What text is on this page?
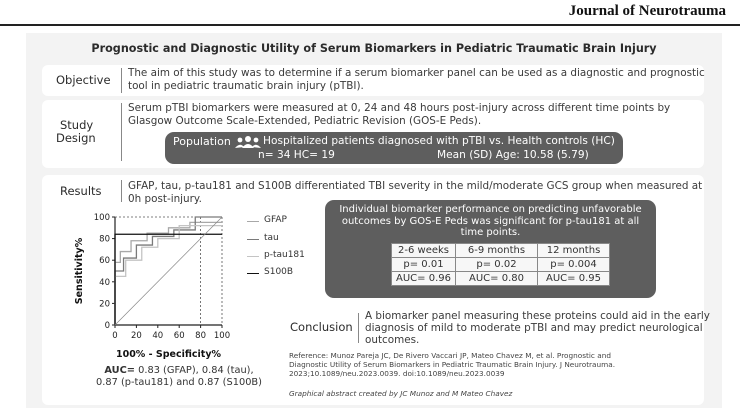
Journal of Neurotrauma
Prognostic and Diagnostic Utility of Serum Biomarkers in Pediatric Traumatic Brain Injury
Objective The aim of this study was to determine if a serum biomarker panel can be used as a diagnostic and prognostic
tool in pediatric traumatic brain injury (pTBI).
Study
Design
Serum pTBI biomarkers were measured at 0, 24 and 48 hours post-injury across different time points by
Glasgow Outcome Scale-Extended, Pediatric Revision (GOS-E Peds).
Population	Hospitalized patients diagnosed with pTBI vs. Health controls (HC)
n= 34 HC= 19	Mean (SD) Age: 10.58 (5.79)
Results	GFAP, tau, p-tau181 and S100B differentiated TBI severity in the mild/moderate GCS group when measured at
0h post-injury.
0 20 40 60 80 100
0
20
40
60
80
100
100% - Specificity%
Sensitivity%
GFAP
tau
p-tau181
S100B
AUC= 0.83 (GFAP), 0.84 (tau),
0.87 (p-tau181) and 0.87 (S100B)
Individual biomarker performance on predicting unfavorable outcomes by GOS-E Peds was significant for p-tau181 at all time points.
2-6 weeks	6-9 months	12 months
p= 0.01	p= 0.02	p= 0.004
AUC= 0.96	AUC= 0.80	AUC= 0.95
Conclusion
A biomarker panel measuring these proteins could aid in the early
diagnosis of mild to moderate pTBI and may predict neurological
outcomes.
Reference: Munoz Pareja JC, De Rivero Vaccari JP, Mateo Chavez M, et al. Prognostic and
Diagnostic Utility of Serum Biomarkers in Pediatric Traumatic Brain Injury. J Neurotrauma.
2023;10.1089/neu.2023.0039. doi:10.1089/neu.2023.0039
Graphical abstract created by JC Munoz and M Mateo Chavez
